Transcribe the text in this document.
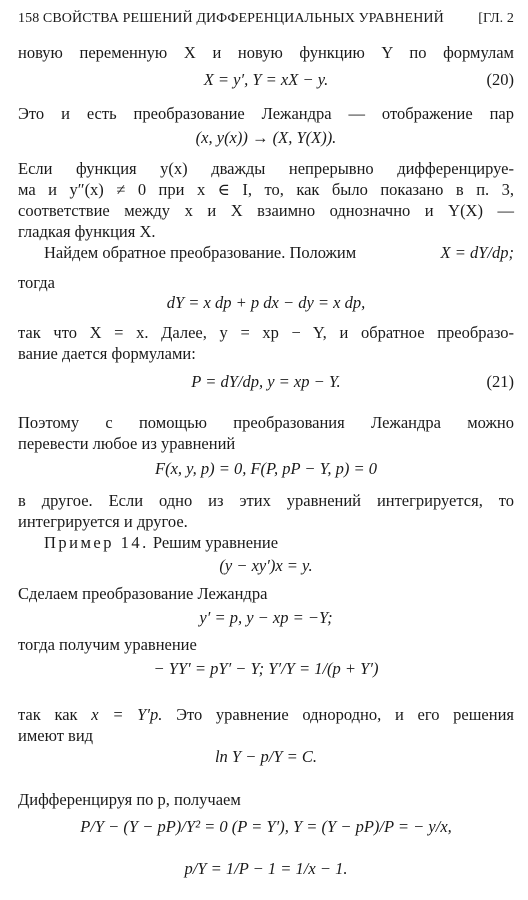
158 СВОЙСТВА РЕШЕНИЙ ДИФФЕРЕНЦИАЛЬНЫХ УРАВНЕНИЙ [ГЛ. 2
новую переменную X и новую функцию Y по формулам
X = y′, Y = xX − y.	(20)
Это и есть преобразование Лежандра — отображение пар
(x, y(x)) → (X, Y(X)).
Если функция y(x) дважды непрерывно дифференцируе-
ма и y″(x) ≠ 0 при x ∈ I, то, как было показано в п. 3,
соответствие между x и X взаимно однозначно и Y(X) —
гладкая функция X.
Найдем обратное преобразование. Положим	X = dY/dp;
тогда
dY = x dp + p dx − dy = x dp,
так что X = x. Далее, y = xp − Y, и обратное преобразо-
вание дается формулами:
P = dY/dp, y = xp − Y.	(21)
Поэтому с помощью преобразования Лежандра можно
перевести любое из уравнений
F(x, y, p) = 0, F(P, pP − Y, p) = 0
в другое. Если одно из этих уравнений интегрируется, то
интегрируется и другое.
Пример 14. Решим уравнение
(y − xy′)x = y.
Сделаем преобразование Лежандра
y′ = p, y − xp = −Y;
тогда получим уравнение
− YY′ = pY′ − Y; Y′/Y = 1/(p + Y′)
так как x = Y′p. Это уравнение однородно, и его решения
имеют вид
ln Y − p/Y = C.
Дифференцируя по p, получаем
P/Y − (Y − pP)/Y² = 0 (P = Y′), Y = (Y − pP)/P = − y/x,
p/Y = 1/P − 1 = 1/x − 1.
